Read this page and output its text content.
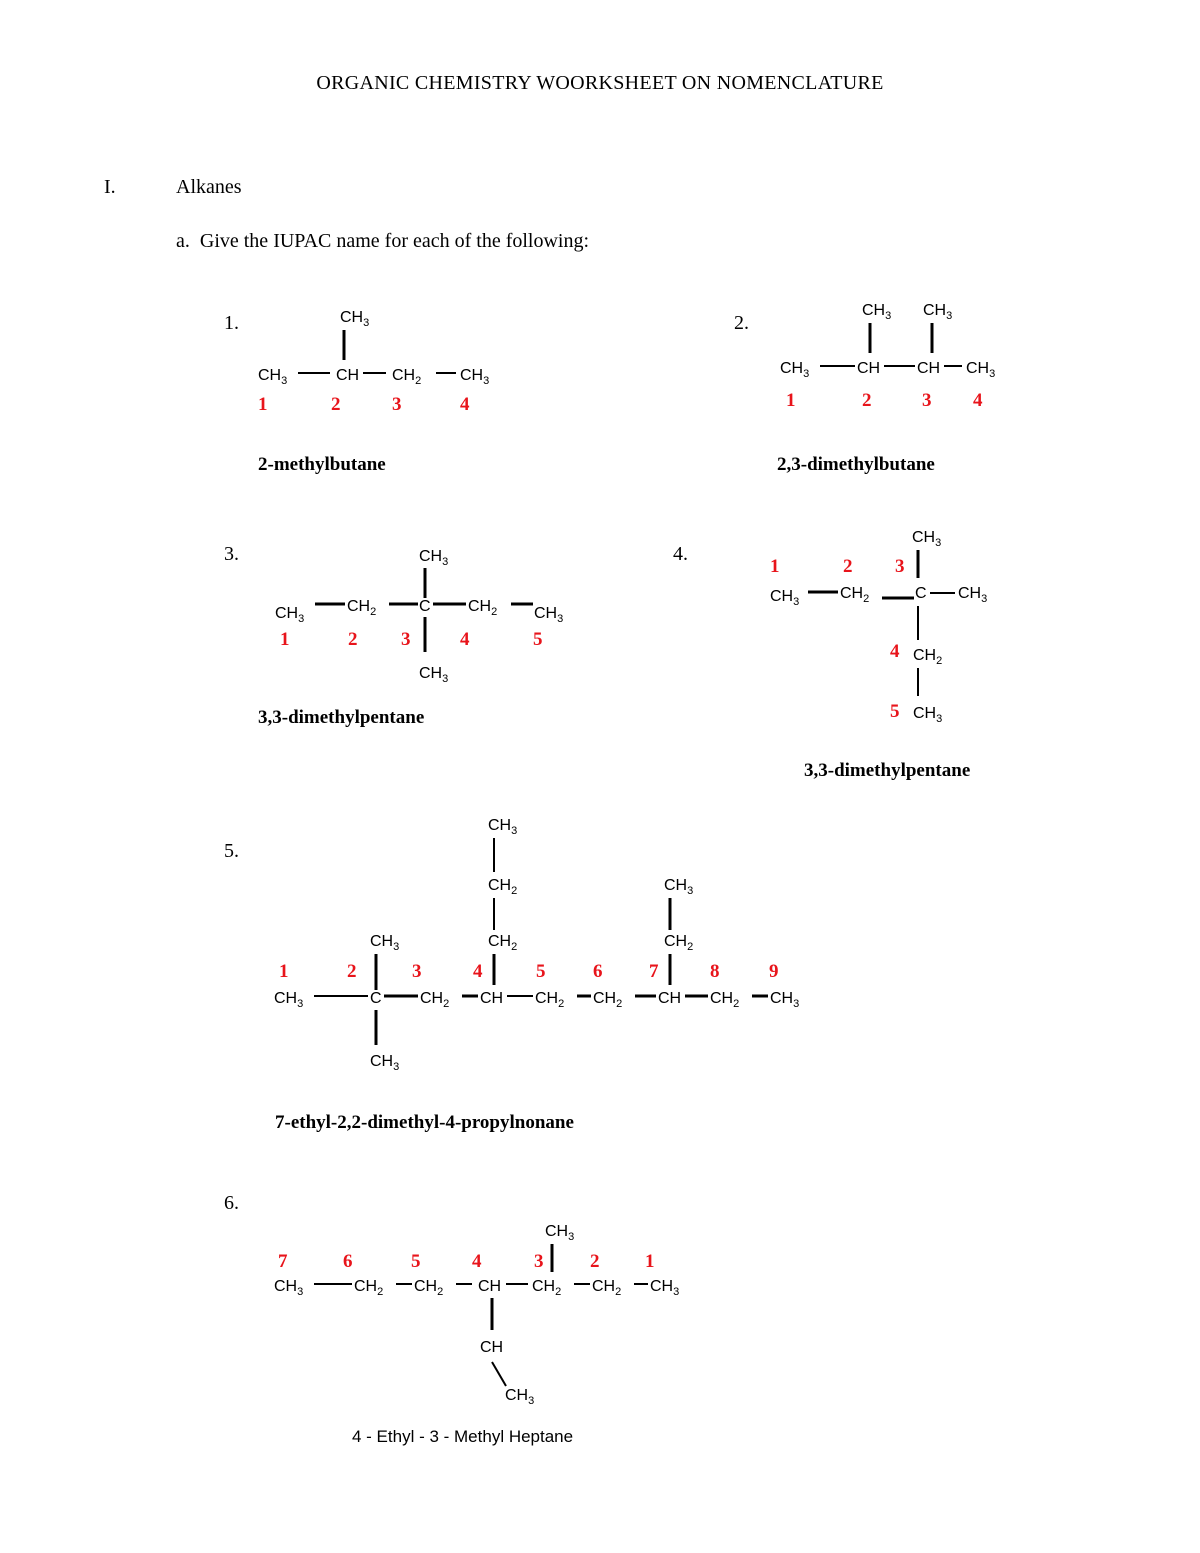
ORGANIC CHEMISTRY WOORKSHEET ON NOMENCLATURE
I.	Alkanes
a.  Give the IUPAC name for each of the following:
1.	2.
3.	4.
5.
6.
2-methylbutane	2,3-dimethylbutane
3,3-dimethylpentane
3,3-dimethylpentane
7-ethyl-2,2-dimethyl-4-propylnonane
4 - Ethyl - 3 - Methyl Heptane
$CH_3$
$CH_3$	CH $CH_2$ $CH_3$
1	2	3	4
$CH_3$ $CH_3$
$CH_3$	CH CH $CH_3$
1	2	3 4
$CH_3$
$CH_3$
$CH_2$	C $CH_2$ $CH_3$
$CH_3$
1	2 3	4	5
$CH_3$
$CH_3$	$CH_2$	C $CH_3$
$CH_2$
$CH_3$
1	2 3
4
5
$CH_3$
$CH_2$
$CH_2$
$CH_3$
$CH_2$
$CH_3$
$CH_3$	C $CH_2$ CH $CH_2$ $CH_2$ CH $CH_2$ $CH_3$
$CH_3$
1	2	3	4	5	6 7	8	9
$CH_3$
$CH_3$	$CH_2$ $CH_2$ CH $CH_2$ $CH_2$ $CH_3$
CH
$CH_3$
7	6	5	4	3 2 1
